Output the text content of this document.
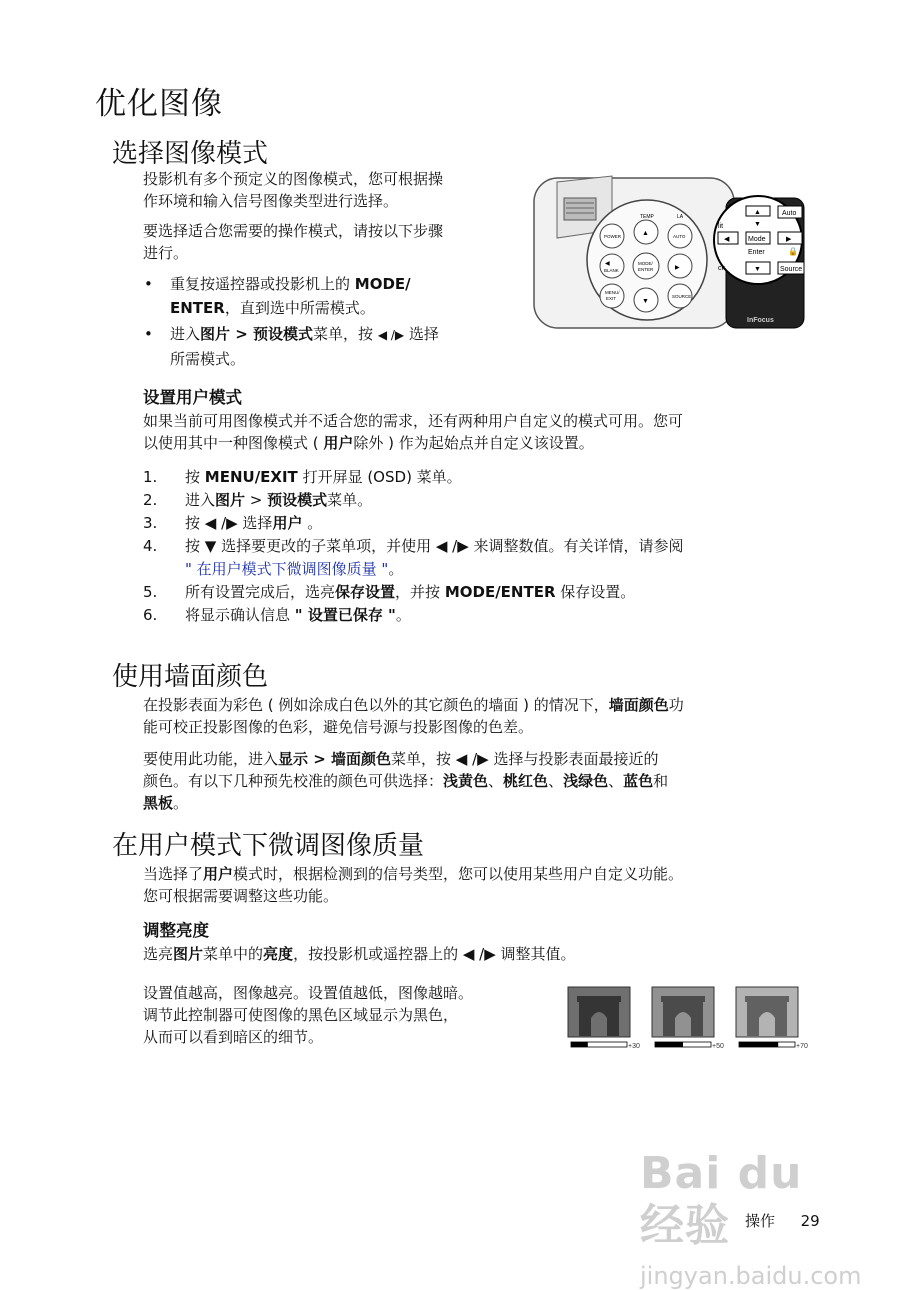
优化图像
选择图像模式
投影机有多个预定义的图像模式，您可根据操
作环境和输入信号图像类型进行选择。
要选择适合您需要的操作模式，请按以下步骤
进行。
• 重复按遥控器或投影机上的 MODE/
ENTER，直到选中所需模式。
• 进入图片 > 预设模式菜单，按 ◀ /▶ 选择
所需模式。
TEMP	LA
POWER	AUTO
▲
MODE/
ENTER
◀
BLANK	▶
MENU/
EXIT	▼
SOURCE
InFocus
▲
▼
Auto
lit
Mode
Enter
◀	▶
🔒
ck	▼	Source
设置用户模式
如果当前可用图像模式并不适合您的需求，还有两种用户自定义的模式可用。您可
以使用其中一种图像模式 ( 用户除外 ) 作为起始点并自定义该设置。
1. 按 MENU/EXIT 打开屏显 (OSD) 菜单。
2. 进入图片 > 预设模式菜单。
3. 按 ◀ /▶ 选择用户 。
4. 按 ▼ 选择要更改的子菜单项，并使用 ◀ /▶ 来调整数值。有关详情，请参阅
" 在用户模式下微调图像质量 "。
5. 所有设置完成后，选亮保存设置，并按 MODE/ENTER 保存设置。
6. 将显示确认信息 " 设置已保存 "。
使用墙面颜色
在投影表面为彩色 ( 例如涂成白色以外的其它颜色的墙面 ) 的情况下，墙面颜色功
能可校正投影图像的色彩，避免信号源与投影图像的色差。
要使用此功能，进入显示 > 墙面颜色菜单，按 ◀ /▶ 选择与投影表面最接近的
颜色。有以下几种预先校准的颜色可供选择：浅黄色、桃红色、浅绿色、蓝色和
黑板。
在用户模式下微调图像质量
当选择了用户模式时，根据检测到的信号类型，您可以使用某些用户自定义功能。
您可根据需要调整这些功能。
调整亮度
选亮图片菜单中的亮度，按投影机或遥控器上的 ◀ /▶ 调整其值。
设置值越高，图像越亮。设置值越低，图像越暗。
调节此控制器可使图像的黑色区域显示为黑色，
从而可以看到暗区的细节。
+30	+50	+70
Bai du 经验
jingyan.baidu.com
操作 29
